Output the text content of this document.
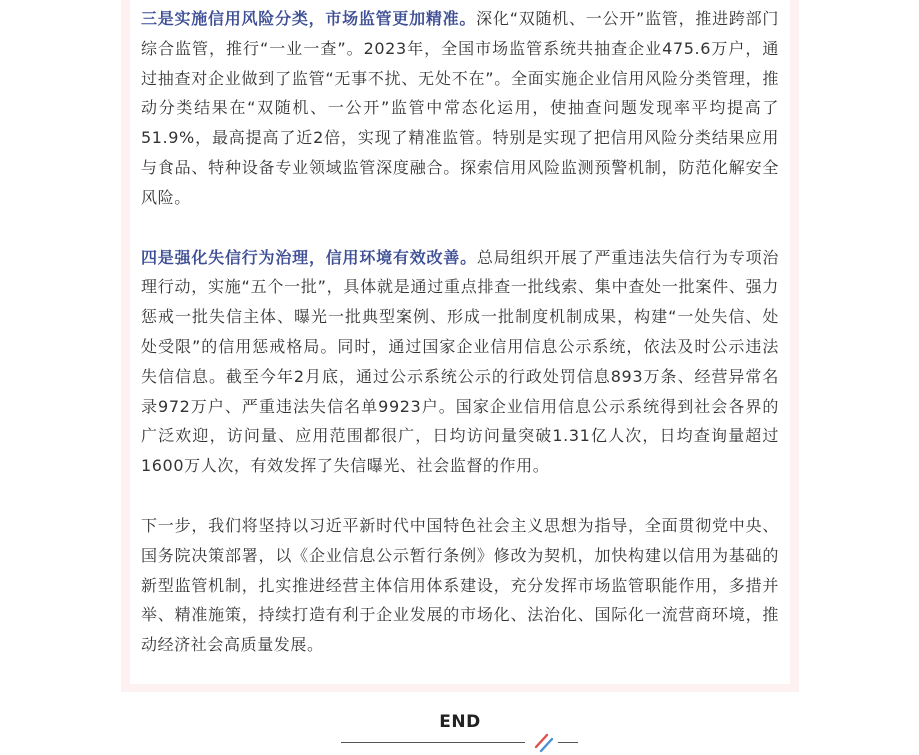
三是实施信用风险分类，市场监管更加精准。深化“双随机、一公开”监管，推进跨部门综合监管，推行“一业一查”。2023年，全国市场监管系统共抽查企业475.6万户，通过抽查对企业做到了监管“无事不扰、无处不在”。全面实施企业信用风险分类管理，推动分类结果在“双随机、一公开”监管中常态化运用，使抽查问题发现率平均提高了51.9%，最高提高了近2倍，实现了精准监管。特别是实现了把信用风险分类结果应用与食品、特种设备专业领域监管深度融合。探索信用风险监测预警机制，防范化解安全风险。

四是强化失信行为治理，信用环境有效改善。总局组织开展了严重违法失信行为专项治理行动，实施“五个一批”，具体就是通过重点排查一批线索、集中查处一批案件、强力惩戒一批失信主体、曝光一批典型案例、形成一批制度机制成果，构建“一处失信、处处受限”的信用惩戒格局。同时，通过国家企业信用信息公示系统，依法及时公示违法失信信息。截至今年2月底，通过公示系统公示的行政处罚信息893万条、经营异常名录972万户、严重违法失信名单9923户。国家企业信用信息公示系统得到社会各界的广泛欢迎，访问量、应用范围都很广，日均访问量突破1.31亿人次，日均查询量超过1600万人次，有效发挥了失信曝光、社会监督的作用。

下一步，我们将坚持以习近平新时代中国特色社会主义思想为指导，全面贯彻党中央、国务院决策部署，以《企业信息公示暂行条例》修改为契机，加快构建以信用为基础的新型监管机制，扎实推进经营主体信用体系建设，充分发挥市场监管职能作用，多措并举、精准施策，持续打造有利于企业发展的市场化、法治化、国际化一流营商环境，推动经济社会高质量发展。

END
